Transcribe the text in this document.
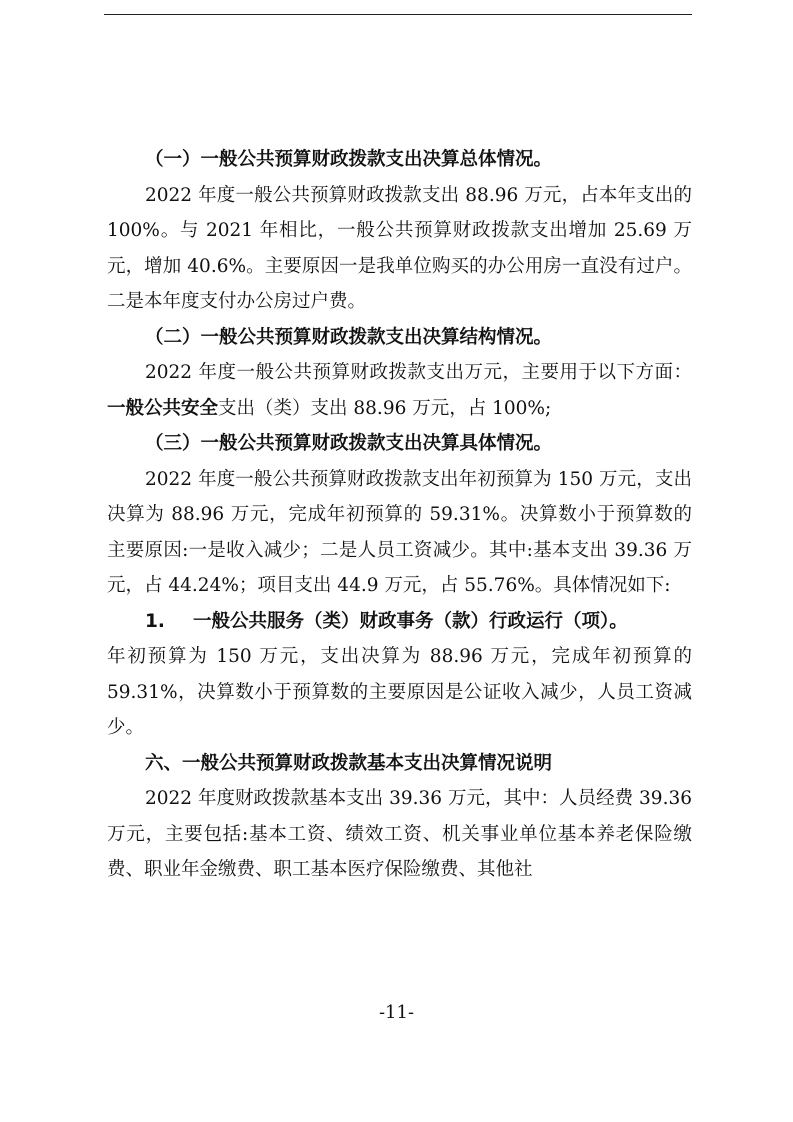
（一）一般公共预算财政拨款支出决算总体情况。

2022 年度一般公共预算财政拨款支出 88.96 万元，占本年支出的 100%。与 2021 年相比，一般公共预算财政拨款支出增加 25.69 万元，增加 40.6%。主要原因一是我单位购买的办公用房一直没有过户。二是本年度支付办公房过户费。

（二）一般公共预算财政拨款支出决算结构情况。

2022 年度一般公共预算财政拨款支出万元，主要用于以下方面：一般公共安全支出（类）支出 88.96 万元，占 100%;

（三）一般公共预算财政拨款支出决算具体情况。

2022 年度一般公共预算财政拨款支出年初预算为 150 万元，支出决算为 88.96 万元，完成年初预算的 59.31%。决算数小于预算数的主要原因:一是收入减少；二是人员工资减少。其中:基本支出 39.36 万元，占 44.24%；项目支出 44.9 万元，占 55.76%。具体情况如下:

1. 一般公共服务（类）财政事务（款）行政运行（项）。

年初预算为 150 万元，支出决算为 88.96 万元，完成年初预算的 59.31%，决算数小于预算数的主要原因是公证收入减少，人员工资减少。

六、一般公共预算财政拨款基本支出决算情况说明

2022 年度财政拨款基本支出 39.36 万元，其中：人员经费 39.36 万元，主要包括:基本工资、绩效工资、机关事业单位基本养老保险缴费、职业年金缴费、职工基本医疗保险缴费、其他社

-11-
